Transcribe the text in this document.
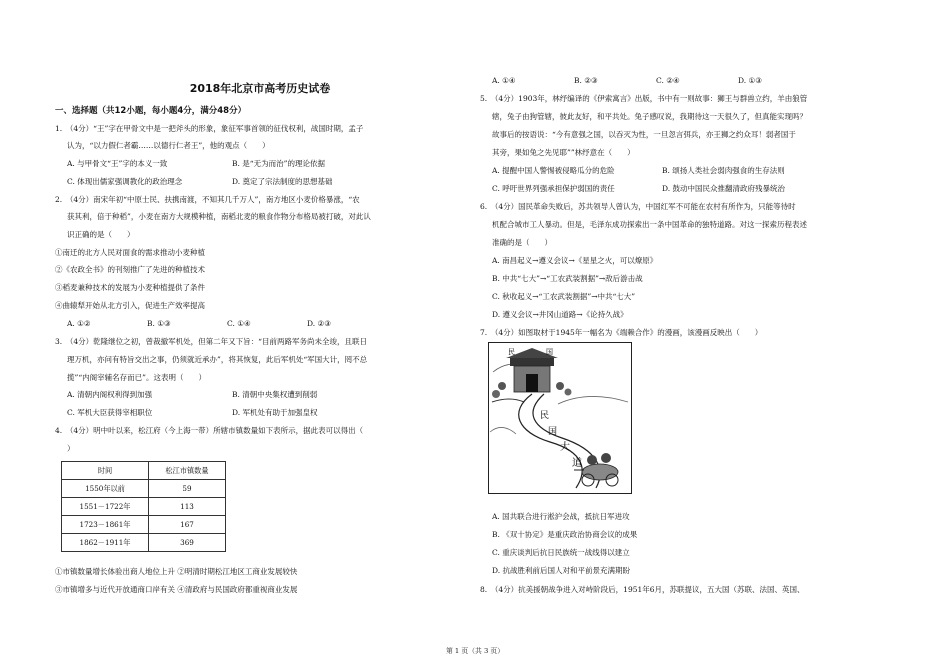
2018年北京市高考历史试卷
一、选择题（共12小题，每小题4分，满分48分）
1.　（4分）“王”字在甲骨文中是一把斧头的形象，象征军事首领的征伐权利，战国时期，孟子
认为，“以力假仁者霸……以德行仁者王”，他的观点（　　）
A. 与甲骨文“王”字的本义一致	B. 是“无为而治”的理论依据
C. 体现出儒家强调教化的政治理念	D. 奠定了宗法制度的思想基础
2.　（4分）南宋年初“中原士民、扶携南渡，不知其几千万人”，南方地区小麦价格暴涨，“农
获其利，倍于种稻”，小麦在南方大规模种植，南稻北麦的粮食作物分布格局被打破，对此认
识正确的是（　　）
①南迁的北方人民对面食的需求推动小麦种植
②《农政全书》的刊刻推广了先进的种植技术
③稻麦兼种技术的发展为小麦种植提供了条件
④曲辕犁开始从北方引入，促进生产效率提高
A. ①②	B. ①③	C. ①④	D. ②③
3.　（4分）乾隆继位之初，曾裁撤军机处，但第二年又下旨：“目前两路军务尚未全竣，且联日
理万机，亦问有特旨交出之事，仍须就近承办”，将其恢复，此后军机处“军国大计，罔不总
揽”“内阁宰辅名存而已”。这表明（　　）
A. 清朝内阁权利得到加强	B. 清朝中央集权遭到削弱
C. 军机大臣获得宰相职位	D. 军机处有助于加强皇权
4.　（4分）明中叶以来，松江府（今上海一带）所辖市镇数量如下表所示，据此表可以得出（
）
时间	松江市镇数量
1550年以前	59
1551－1722年	113
1723－1861年	167
1862－1911年	369
①市镇数量增长体验出商人地位上升 ②明清时期松江地区工商业发展较快
③市镇增多与近代开放通商口岸有关 ④清政府与民国政府都重视商业发展
A. ①④	B. ②③	C. ②④	D. ①③
5.　（4分）1903年，林纾编译的《伊索寓言》出版，书中有一则故事：狮王与群兽立约，羊由狼管
辖，兔子由狗管辖，彼此友好，和平共处。兔子感叹说，我期待这一天很久了，但真能实现吗？
故事后的按语说：“今有意强之国，以吞灭为性，一旦忽言弭兵，亦王狮之约众耳！弱者国于
其旁，果如兔之先见耶””林纾意在（　　）
A. 提醒中国人警惕被侵略瓜分的危险	B. 颂扬人类社会弱肉强食的生存法则
C. 呼吁世界列强承担保护弱国的责任	D. 鼓动中国民众推翻清政府残暴统治
6.　（4分）国民革命失败后，苏共领导人曾认为，中国红军不可能在农村有所作为，只能等待时
机配合城市工人暴动。但是，毛泽东成功探索出一条中国革命的独特道路。对这一探索历程表述
准确的是（　　）
A. 南昌起义→遵义会议→《星星之火，可以燎原》
B. 中共“七大”→“工农武装割据”→敌后游击战
C. 秋收起义→“工农武装割据”→中共“七大”
D. 遵义会议→井冈山道路→《论持久战》
7.　（4分）如图取材于1945年一幅名为《端赖合作》的漫画，该漫画反映出（　　）
民	国
民
国
大
道
A. 国共联合进行淞沪会战，抵抗日军进攻
B. 《双十协定》是重庆政治协商会议的成果
C. 重庆谈判后抗日民族统一战线得以建立
D. 抗战胜利前后国人对和平前景充满期盼
8.　（4分）抗美援朝战争进入对峙阶段后，1951年6月，苏联提议，五大国（苏联、法国、英国、
第 1 页（共 3 页）
